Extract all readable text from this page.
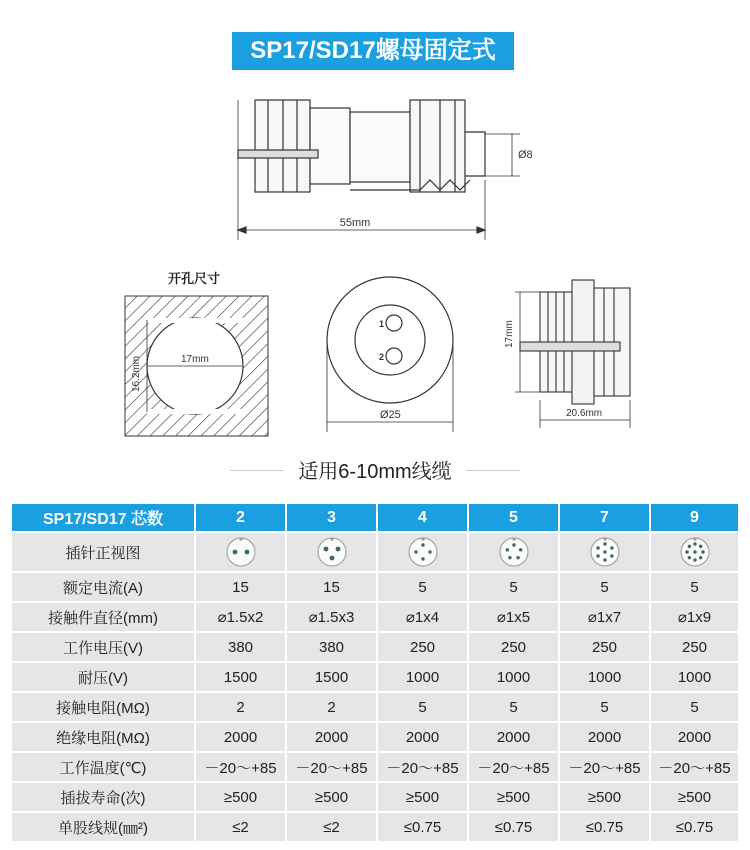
SP17/SD17螺母固定式
55mm
Ø8
开孔尺寸
17mm
16.2mm
1
2
Ø25
17mm
20.6mm
适用6-10mm线缆
SP17/SD17 芯数	2	3	4	5	7	9
插针正视图	

额定电流(A)	15	15	5	5	5	5
接触件直径(mm)	⌀1.5x2	⌀1.5x3	⌀1x4	⌀1x5	⌀1x7	⌀1x9
工作电压(V)	380	380	250	250	250	250
耐压(V)	1500	1500	1000	1000	1000	1000
接触电阻(MΩ)	2	2	5	5	5	5
绝缘电阻(MΩ)	2000	2000	2000	2000	2000	2000
工作温度(℃)	－20～+85	－20～+85	－20～+85	－20～+85	－20～+85	－20～+85
插拔寿命(次)	≥500	≥500	≥500	≥500	≥500	≥500
单股线规(㎜²)	≤2	≤2	≤0.75	≤0.75	≤0.75	≤0.75
